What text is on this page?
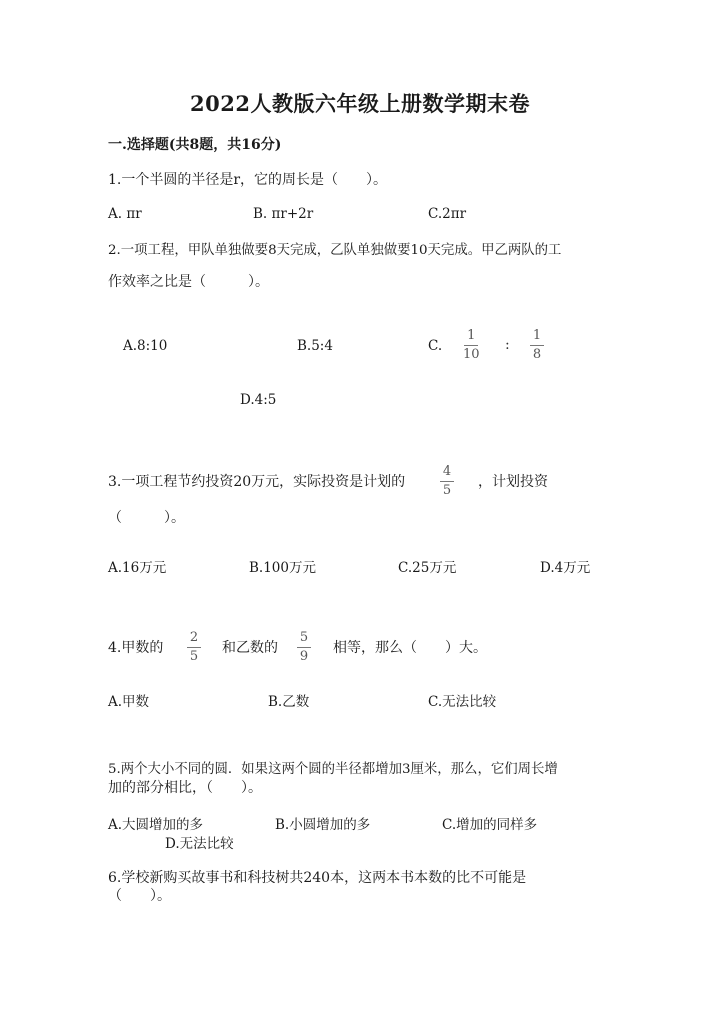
2022人教版六年级上册数学期末卷
一.选择题(共8题，共16分)
1.一个半圆的半径是r，它的周长是（　　）。
A. πr	B. πr+2r	C.2πr
2.一项工程，甲队单独做要8天完成，乙队单独做要10天完成。甲乙两队的工
作效率之比是（　　　）。
A.8:10	B.5:4	C.
1
10
:
1
8
D.4:5
3.一项工程节约投资20万元，实际投资是计划的
4
5
，计划投资
（　　　）。
A.16万元	B.100万元	C.25万元	D.4万元
4.甲数的
2
5
和乙数的
5
9
相等，那么（　　）大。
A.甲数	B.乙数	C.无法比较
5.两个大小不同的圆．如果这两个圆的半径都增加3厘米，那么，它们周长增
加的部分相比，（　　）。
A.大圆增加的多	B.小圆增加的多	C.增加的同样多
D.无法比较
6.学校新购买故事书和科技树共240本，这两本书本数的比不可能是
（　　）。
